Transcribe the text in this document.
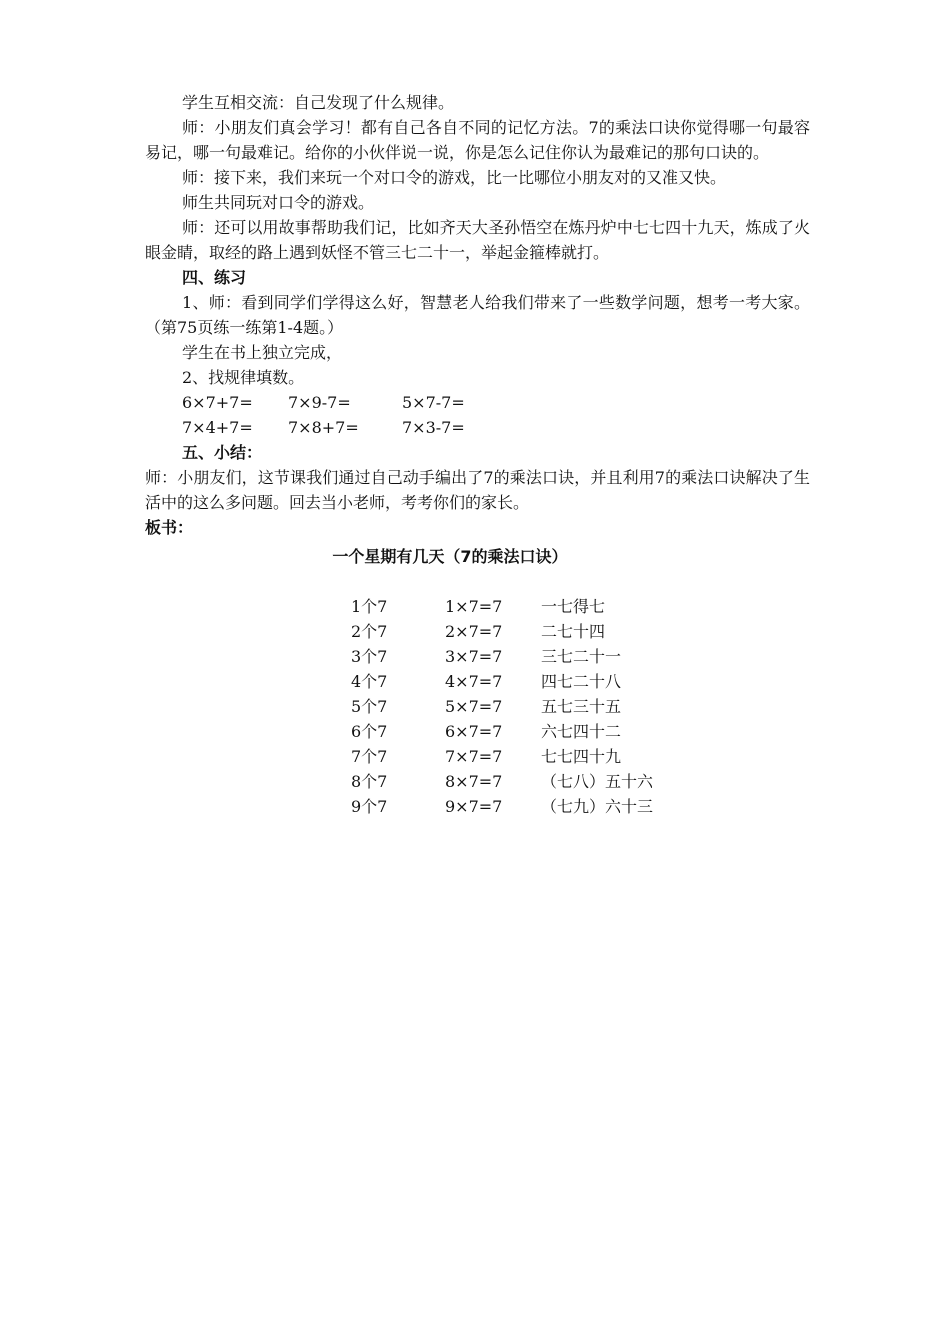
学生互相交流：自己发现了什么规律。

师：小朋友们真会学习！都有自己各自不同的记忆方法。7的乘法口诀你觉得哪一句最容易记，哪一句最难记。给你的小伙伴说一说，你是怎么记住你认为最难记的那句口诀的。

师：接下来，我们来玩一个对口令的游戏，比一比哪位小朋友对的又准又快。

师生共同玩对口令的游戏。

师：还可以用故事帮助我们记，比如齐天大圣孙悟空在炼丹炉中七七四十九天，炼成了火眼金睛，取经的路上遇到妖怪不管三七二十一，举起金箍棒就打。

四、练习

1、师：看到同学们学得这么好，智慧老人给我们带来了一些数学问题，想考一考大家。（第75页练一练第1-4题。）

学生在书上独立完成，

2、找规律填数。

6×7+7=	7×9-7=	5×7-7=
7×4+7=	7×8+7=	7×3-7=

五、小结：

师：小朋友们，这节课我们通过自己动手编出了7的乘法口诀，并且利用7的乘法口诀解决了生活中的这么多问题。回去当小老师，考考你们的家长。

板书：

一个星期有几天（7的乘法口诀）

1个7	1×7=7	一七得七
2个7	2×7=7	二七十四
3个7	3×7=7	三七二十一
4个7	4×7=7	四七二十八
5个7	5×7=7	五七三十五
6个7	6×7=7	六七四十二
7个7	7×7=7	七七四十九
8个7	8×7=7	（七八）五十六
9个7	9×7=7	（七九）六十三
